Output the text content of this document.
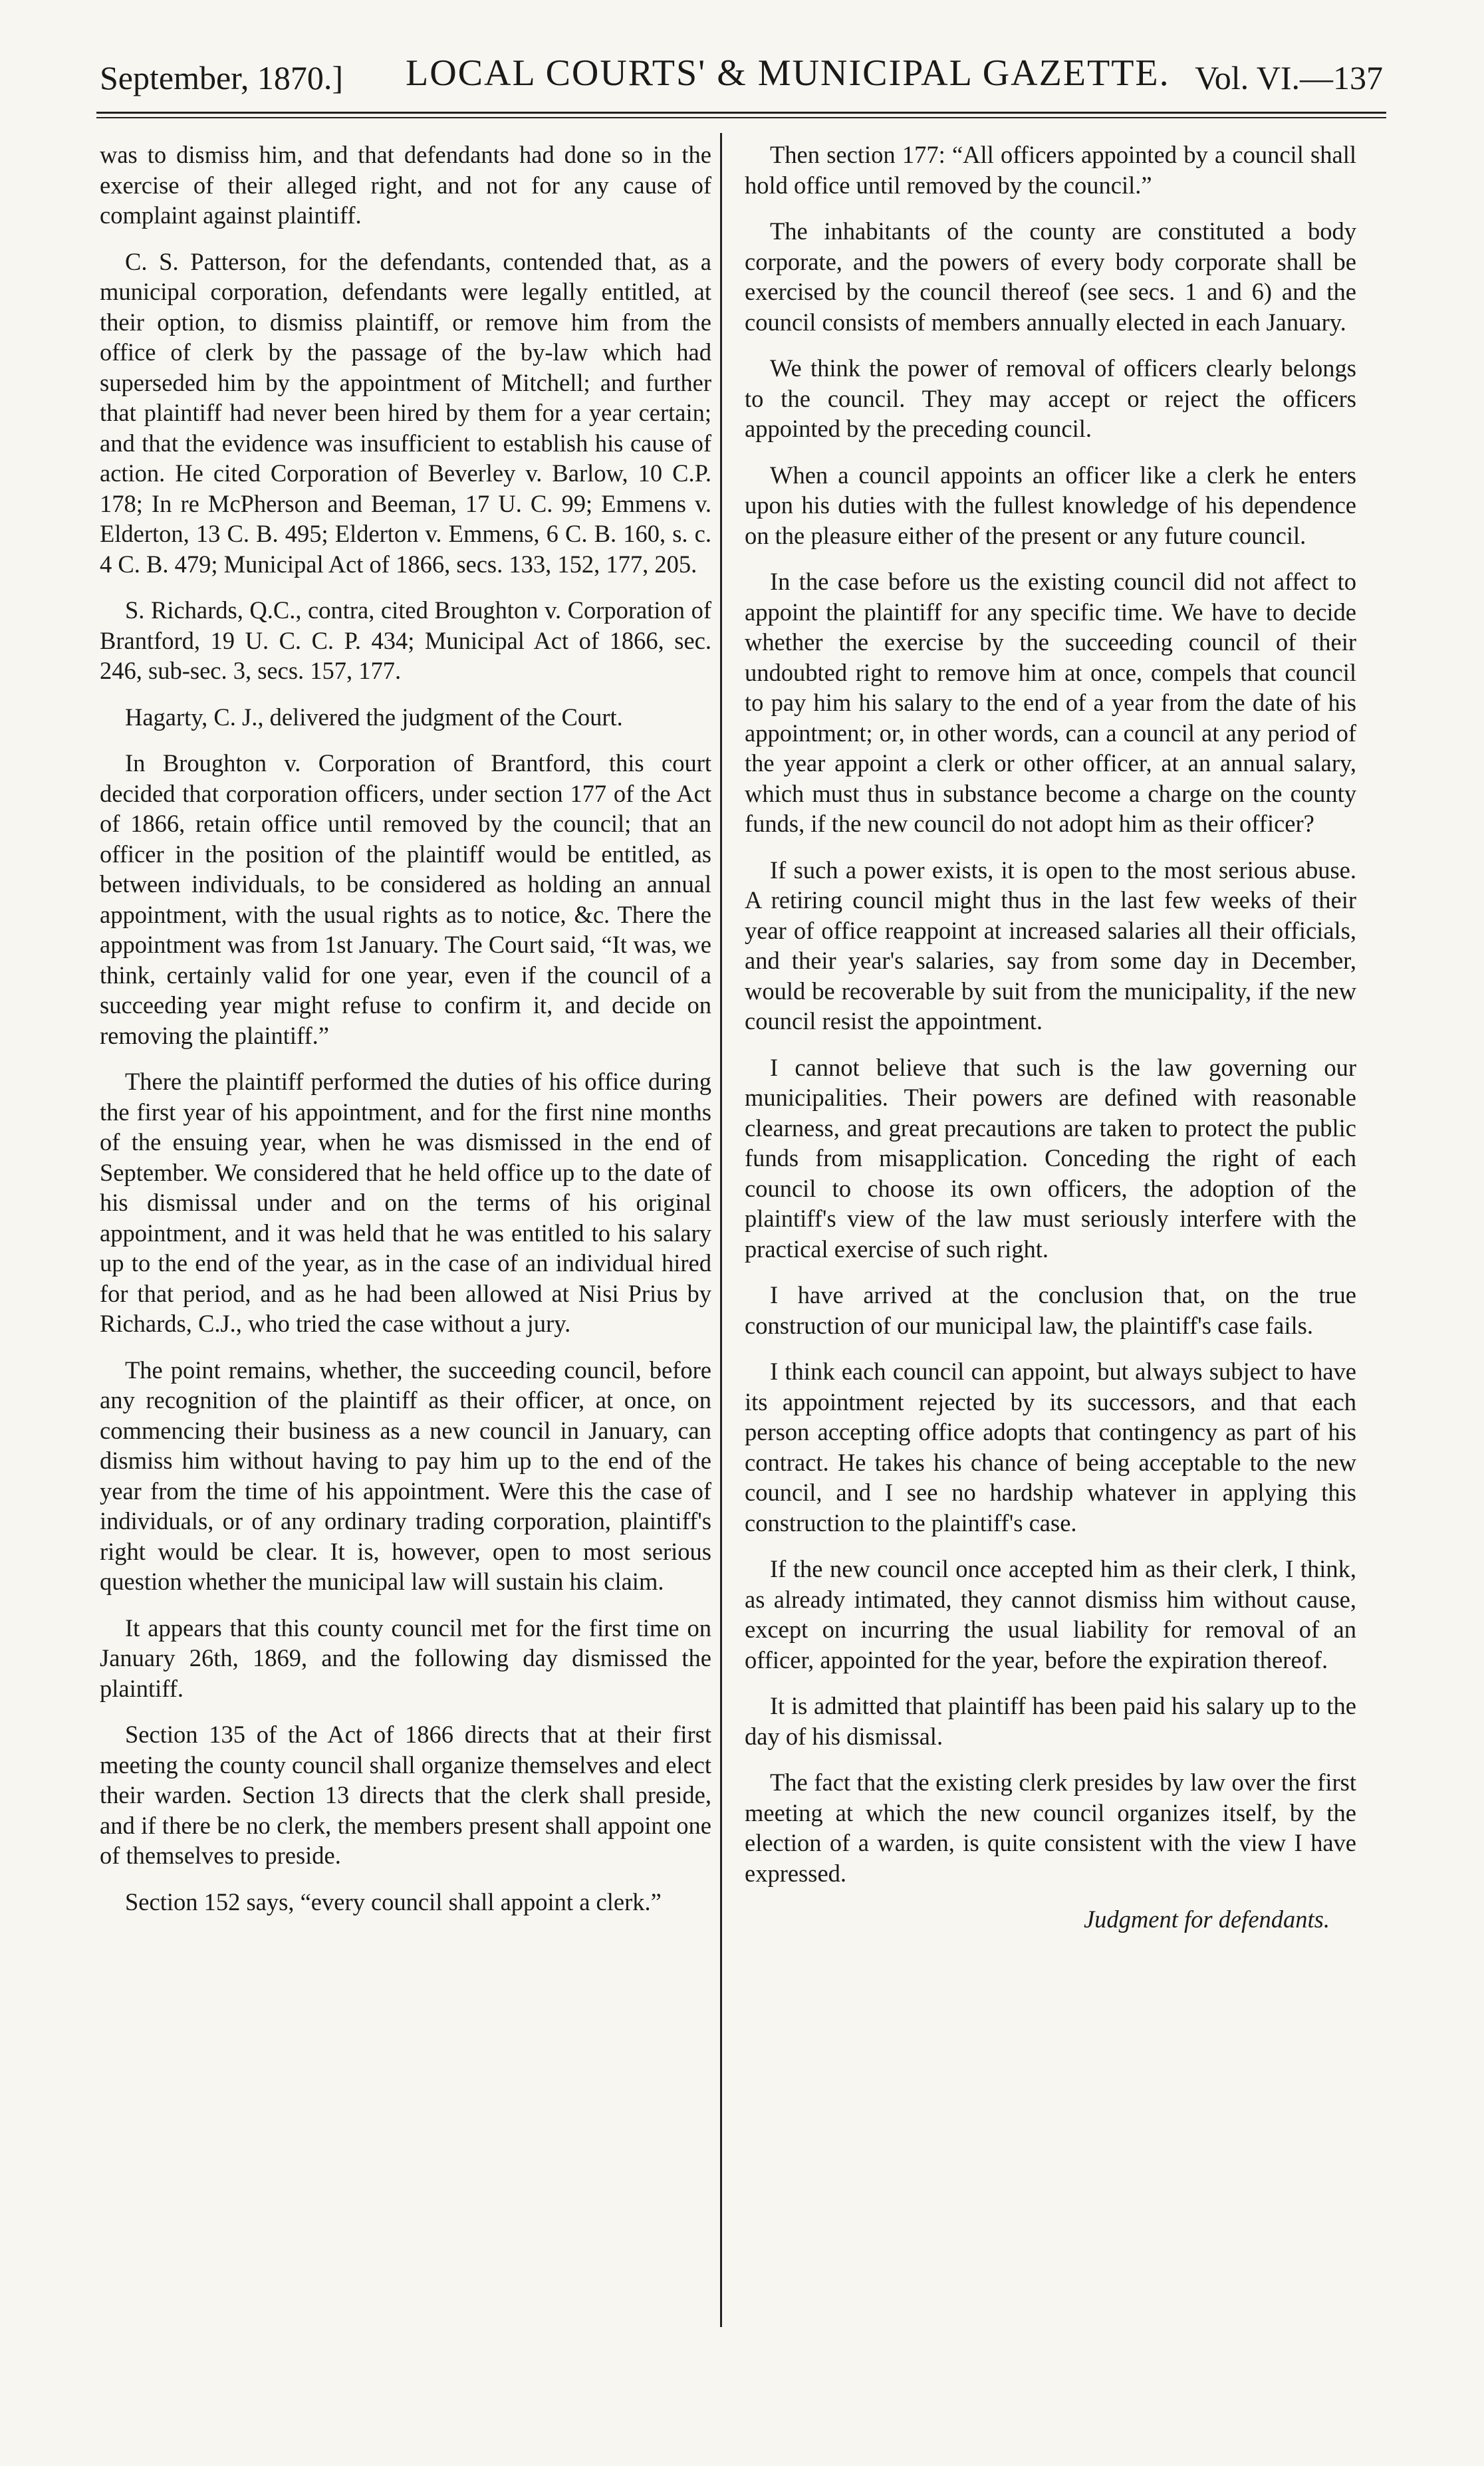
September, 1870.] LOCAL COURTS' & MUNICIPAL GAZETTE. Vol. VI.—137

was to dismiss him, and that defendants had done so in the exercise of their alleged right, and not for any cause of complaint against plaintiff.

C. S. Patterson, for the defendants, contended that, as a municipal corporation, defendants were legally entitled, at their option, to dismiss plaintiff, or remove him from the office of clerk by the passage of the by-law which had superseded him by the appointment of Mitchell; and further that plaintiff had never been hired by them for a year certain; and that the evidence was insufficient to establish his cause of action. He cited Corporation of Beverley v. Barlow, 10 C.P. 178; In re McPherson and Beeman, 17 U. C. 99; Emmens v. Elderton, 13 C. B. 495; Elderton v. Emmens, 6 C. B. 160, s. c. 4 C. B. 479; Municipal Act of 1866, secs. 133, 152, 177, 205.

S. Richards, Q.C., contra, cited Broughton v. Corporation of Brantford, 19 U. C. C. P. 434; Municipal Act of 1866, sec. 246, sub-sec. 3, secs. 157, 177.

Hagarty, C. J., delivered the judgment of the Court.

In Broughton v. Corporation of Brantford, this court decided that corporation officers, under section 177 of the Act of 1866, retain office until removed by the council; that an officer in the position of the plaintiff would be entitled, as between individuals, to be considered as holding an annual appointment, with the usual rights as to notice, &c. There the appointment was from 1st January. The Court said, “It was, we think, certainly valid for one year, even if the council of a succeeding year might refuse to confirm it, and decide on removing the plaintiff.”

There the plaintiff performed the duties of his office during the first year of his appointment, and for the first nine months of the ensuing year, when he was dismissed in the end of September. We considered that he held office up to the date of his dismissal under and on the terms of his original appointment, and it was held that he was entitled to his salary up to the end of the year, as in the case of an individual hired for that period, and as he had been allowed at Nisi Prius by Richards, C.J., who tried the case without a jury.

The point remains, whether, the succeeding council, before any recognition of the plaintiff as their officer, at once, on commencing their business as a new council in January, can dismiss him without having to pay him up to the end of the year from the time of his appointment. Were this the case of individuals, or of any ordinary trading corporation, plaintiff's right would be clear. It is, however, open to most serious question whether the municipal law will sustain his claim.

It appears that this county council met for the first time on January 26th, 1869, and the following day dismissed the plaintiff.

Section 135 of the Act of 1866 directs that at their first meeting the county council shall organize themselves and elect their warden. Section 13 directs that the clerk shall preside, and if there be no clerk, the members present shall appoint one of themselves to preside.

Section 152 says, “every council shall appoint a clerk.”

Then section 177: “All officers appointed by a council shall hold office until removed by the council.”

The inhabitants of the county are constituted a body corporate, and the powers of every body corporate shall be exercised by the council thereof (see secs. 1 and 6) and the council consists of members annually elected in each January.

We think the power of removal of officers clearly belongs to the council. They may accept or reject the officers appointed by the preceding council.

When a council appoints an officer like a clerk he enters upon his duties with the fullest knowledge of his dependence on the pleasure either of the present or any future council.

In the case before us the existing council did not affect to appoint the plaintiff for any specific time. We have to decide whether the exercise by the succeeding council of their undoubted right to remove him at once, compels that council to pay him his salary to the end of a year from the date of his appointment; or, in other words, can a council at any period of the year appoint a clerk or other officer, at an annual salary, which must thus in substance become a charge on the county funds, if the new council do not adopt him as their officer?

If such a power exists, it is open to the most serious abuse. A retiring council might thus in the last few weeks of their year of office reappoint at increased salaries all their officials, and their year's salaries, say from some day in December, would be recoverable by suit from the municipality, if the new council resist the appointment.

I cannot believe that such is the law governing our municipalities. Their powers are defined with reasonable clearness, and great precautions are taken to protect the public funds from misapplication. Conceding the right of each council to choose its own officers, the adoption of the plaintiff's view of the law must seriously interfere with the practical exercise of such right.

I have arrived at the conclusion that, on the true construction of our municipal law, the plaintiff's case fails.

I think each council can appoint, but always subject to have its appointment rejected by its successors, and that each person accepting office adopts that contingency as part of his contract. He takes his chance of being acceptable to the new council, and I see no hardship whatever in applying this construction to the plaintiff's case.

If the new council once accepted him as their clerk, I think, as already intimated, they cannot dismiss him without cause, except on incurring the usual liability for removal of an officer, appointed for the year, before the expiration thereof.

It is admitted that plaintiff has been paid his salary up to the day of his dismissal.

The fact that the existing clerk presides by law over the first meeting at which the new council organizes itself, by the election of a warden, is quite consistent with the view I have expressed.

Judgment for defendants.
